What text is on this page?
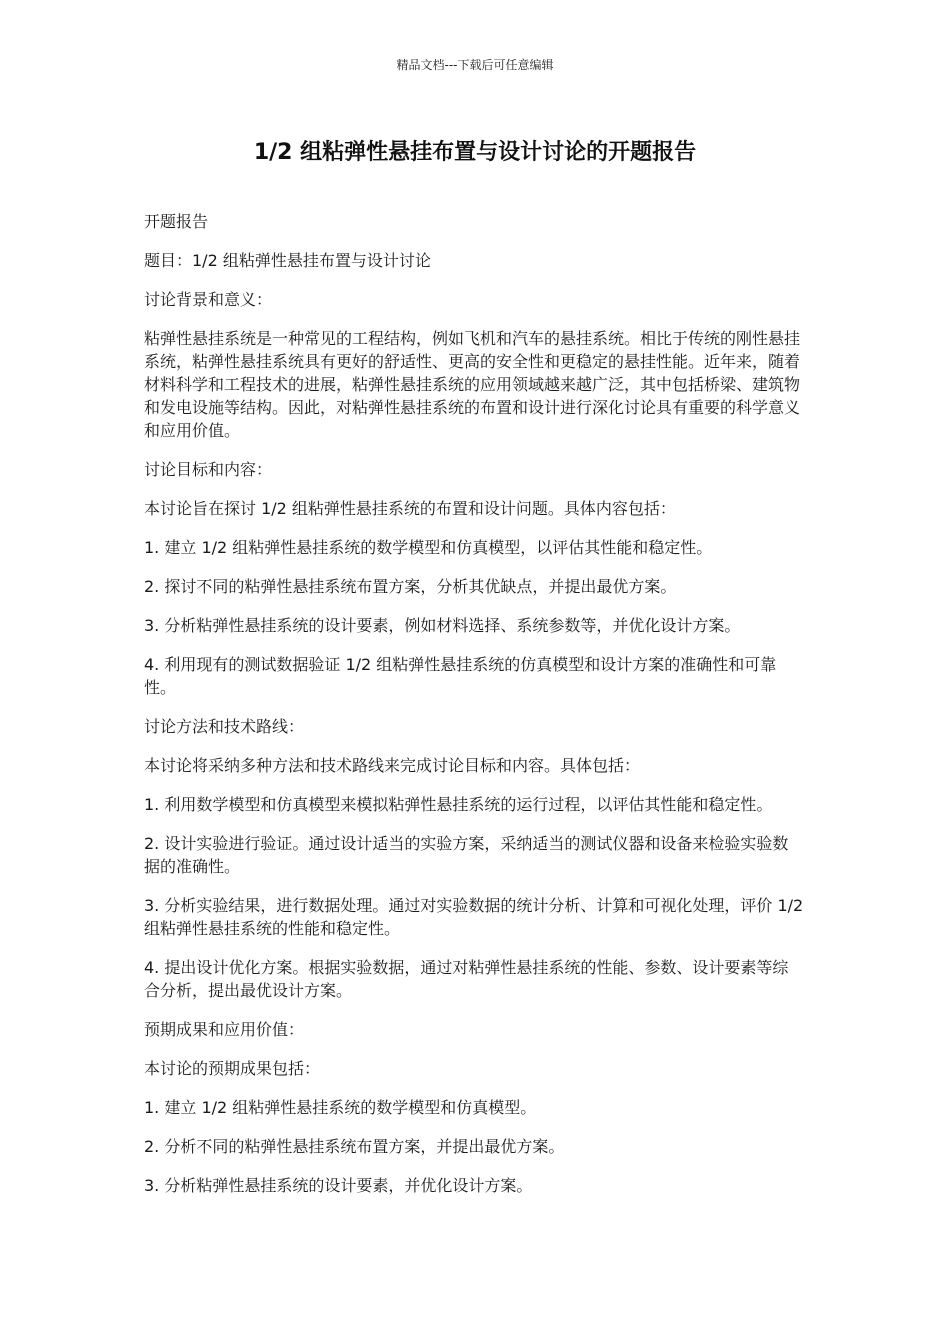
精品文档---下载后可任意编辑
1/2 组粘弹性悬挂布置与设计讨论的开题报告

开题报告

题目：1/2 组粘弹性悬挂布置与设计讨论

讨论背景和意义：

粘弹性悬挂系统是一种常见的工程结构，例如飞机和汽车的悬挂系统。相比于传统的刚性悬挂系统，粘弹性悬挂系统具有更好的舒适性、更高的安全性和更稳定的悬挂性能。近年来，随着材料科学和工程技术的进展，粘弹性悬挂系统的应用领域越来越广泛，其中包括桥梁、建筑物和发电设施等结构。因此，对粘弹性悬挂系统的布置和设计进行深化讨论具有重要的科学意义和应用价值。

讨论目标和内容：

本讨论旨在探讨 1/2 组粘弹性悬挂系统的布置和设计问题。具体内容包括：

1. 建立 1/2 组粘弹性悬挂系统的数学模型和仿真模型，以评估其性能和稳定性。

2. 探讨不同的粘弹性悬挂系统布置方案，分析其优缺点，并提出最优方案。

3. 分析粘弹性悬挂系统的设计要素，例如材料选择、系统参数等，并优化设计方案。

4. 利用现有的测试数据验证 1/2 组粘弹性悬挂系统的仿真模型和设计方案的准确性和可靠性。

讨论方法和技术路线：

本讨论将采纳多种方法和技术路线来完成讨论目标和内容。具体包括：

1. 利用数学模型和仿真模型来模拟粘弹性悬挂系统的运行过程，以评估其性能和稳定性。

2. 设计实验进行验证。通过设计适当的实验方案，采纳适当的测试仪器和设备来检验实验数据的准确性。

3. 分析实验结果，进行数据处理。通过对实验数据的统计分析、计算和可视化处理，评价 1/2 组粘弹性悬挂系统的性能和稳定性。

4. 提出设计优化方案。根据实验数据，通过对粘弹性悬挂系统的性能、参数、设计要素等综合分析，提出最优设计方案。

预期成果和应用价值：

本讨论的预期成果包括：

1. 建立 1/2 组粘弹性悬挂系统的数学模型和仿真模型。

2. 分析不同的粘弹性悬挂系统布置方案，并提出最优方案。

3. 分析粘弹性悬挂系统的设计要素，并优化设计方案。
